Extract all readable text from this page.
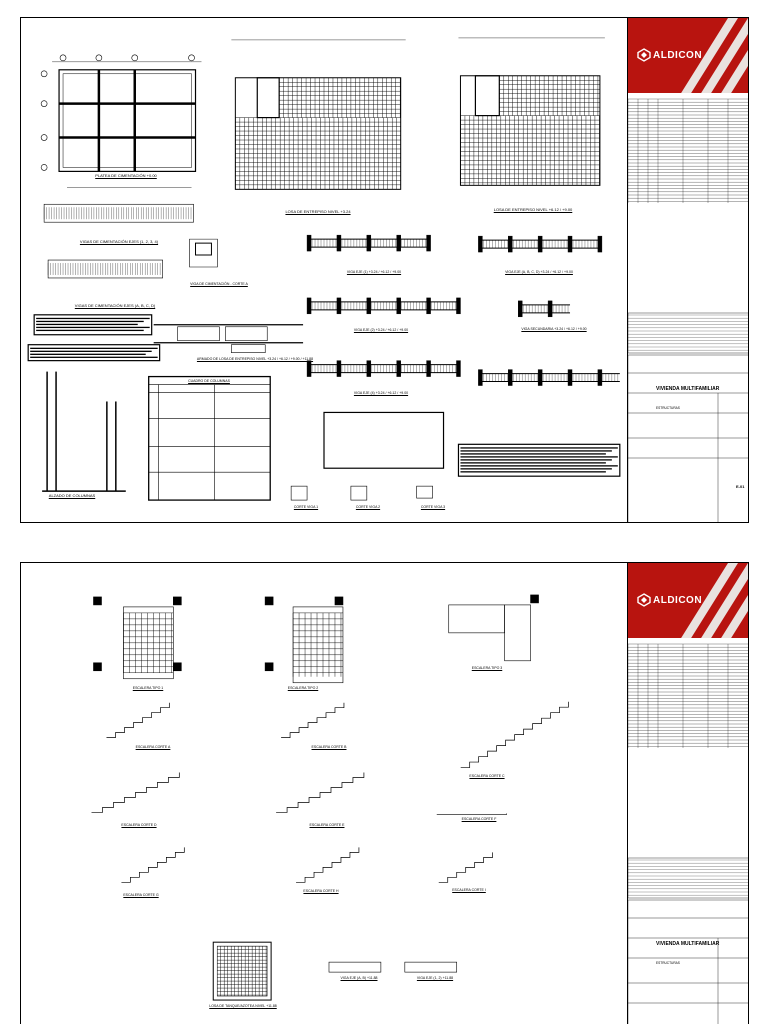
PLATEA DE CIMENTACIÓN +0.00
LOSA DE ENTREPISO NIVEL +3.24	LOSA DE ENTREPISO NIVEL +6.12 / +9.00
VIGAS DE CIMENTACIÓN EJES (1, 2, 3, 4)
VIGAS DE CIMENTACIÓN EJES (A, B, C, D)
VIGA DE CIMENTACIÓN - CORTE A
ARMADO DE LOSA DE ENTREPISO NIVEL +3.24 / +6.12 / +9.00 / +11.88
ALZADO DE COLUMNAS
CUADRO DE COLUMNAS
VIGA EJE (1) +3.24 / +6.12 / +9.00	VIGA EJE (A, B, C, D) +3.24 / +6.12 / +9.00
VIGA EJE (2) +3.24 / +6.12 / +9.00
VIGA EJE (4) +3.24 / +6.12 / +9.00
VIGA SECUNDARIA +3.24 / +6.12 / +9.00
CORTE VIGA 1	CORTE VIGA 2	CORTE VIGA 3
ALDICON
VIVIENDA MULTIFAMILIAR
ESTRUCTURAS
E-01
ESCALERA TIPO 1	ESCALERA TIPO 2
ESCALERA TIPO 3
ESCALERA CORTE A	ESCALERA CORTE B
ESCALERA CORTE C
ESCALERA CORTE D	ESCALERA CORTE E
ESCALERA CORTE F
ESCALERA CORTE G
ESCALERA CORTE H	ESCALERA CORTE I
LOSA DE TANQUE/AZOTEA NIVEL +11.88
VIGA EJE (A, B) +11.88	VIGA EJE (1, 2) +11.88
ALDICON
VIVIENDA MULTIFAMILIAR
ESTRUCTURAS
